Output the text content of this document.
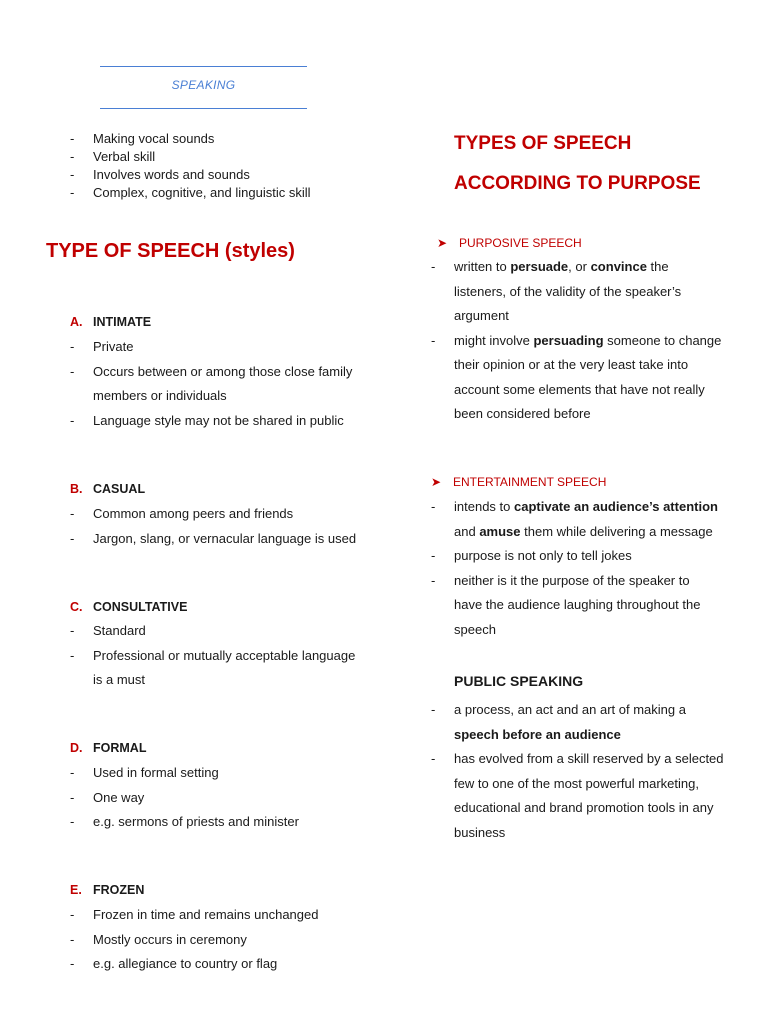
SPEAKING
- Making vocal sounds
- Verbal skill
- Involves words and sounds
- Complex, cognitive, and linguistic skill
TYPE OF SPEECH (styles)
A. INTIMATE
- Private
- Occurs between or among those close family
members or individuals
- Language style may not be shared in public
B. CASUAL
- Common among peers and friends
- Jargon, slang, or vernacular language is used
C. CONSULTATIVE
- Standard
- Professional or mutually acceptable language
is a must
D. FORMAL
- Used in formal setting
- One way
- e.g. sermons of priests and minister
E. FROZEN
- Frozen in time and remains unchanged
- Mostly occurs in ceremony
- e.g. allegiance to country or flag
TYPES OF SPEECH
ACCORDING TO PURPOSE
➤ PURPOSIVE SPEECH
- written to persuade, or convince the
listeners, of the validity of the speaker’s
argument
- might involve persuading someone to change
their opinion or at the very least take into
account some elements that have not really
been considered before
➤ ENTERTAINMENT SPEECH
- intends to captivate an audience’s attention
and amuse them while delivering a message
- purpose is not only to tell jokes
- neither is it the purpose of the speaker to
have the audience laughing throughout the
speech
PUBLIC SPEAKING
- a process, an act and an art of making a
speech before an audience
- has evolved from a skill reserved by a selected
few to one of the most powerful marketing,
educational and brand promotion tools in any
business
